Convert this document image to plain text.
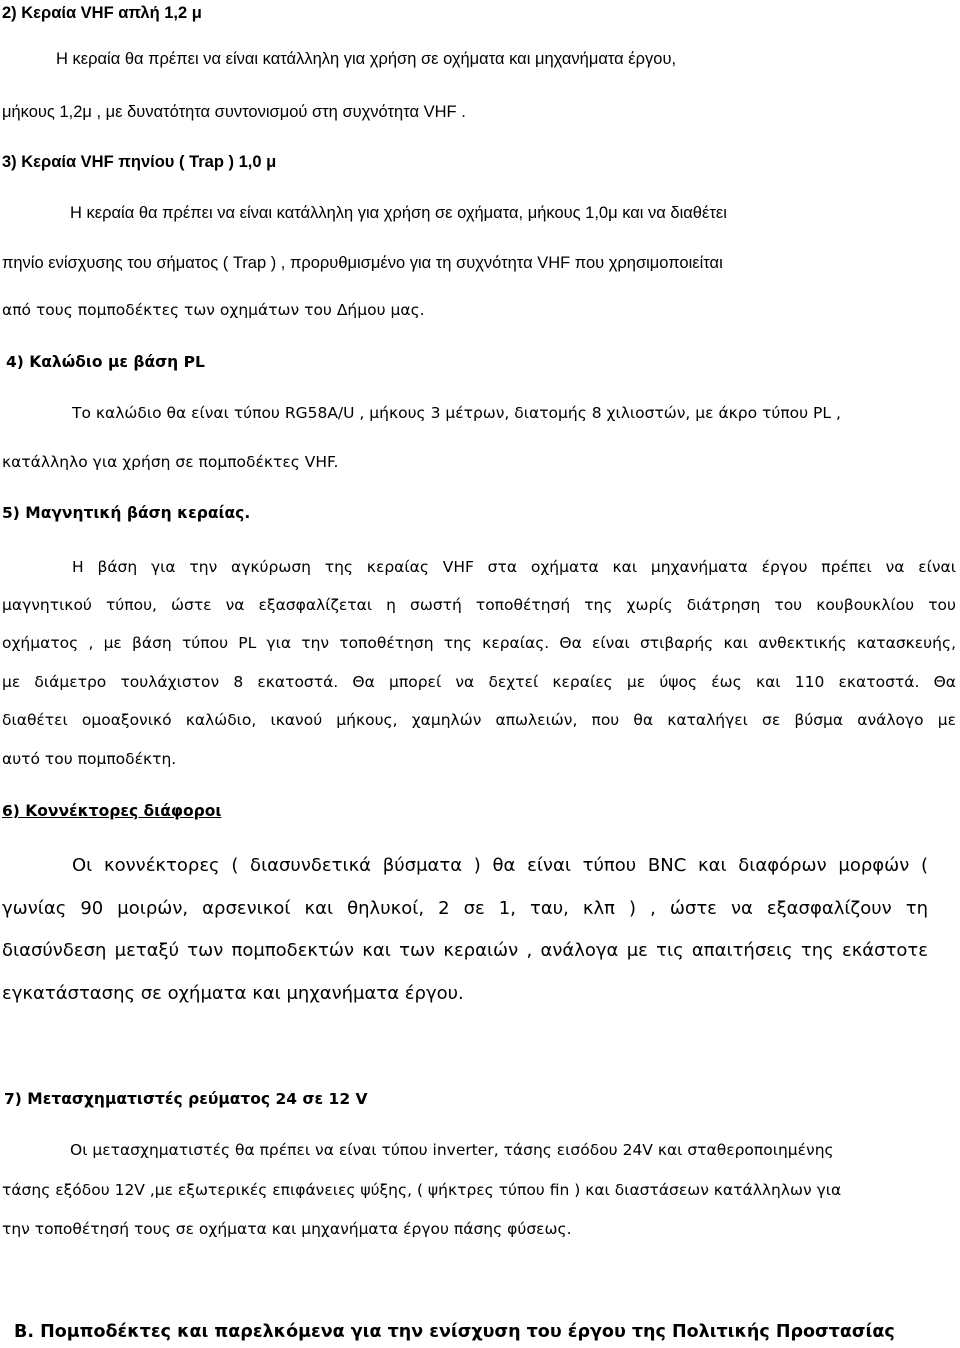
2) Κεραία VHF απλή 1,2 μ
Η κεραία θα πρέπει να είναι κατάλληλη για χρήση σε οχήματα και μηχανήματα έργου,
μήκους 1,2μ , με δυνατότητα συντονισμού στη συχνότητα VHF .
3) Κεραία VHF πηνίου ( Trap ) 1,0 μ
Η κεραία θα πρέπει να είναι κατάλληλη για χρήση σε οχήματα, μήκους 1,0μ και να διαθέτει
πηνίο ενίσχυσης του σήματος ( Trap ) , προρυθμισμένο για τη συχνότητα VHF που χρησιμοποιείται
από τους πομποδέκτες των οχημάτων του Δήμου μας.
4) Καλώδιο με βάση PL
Το καλώδιο θα είναι τύπου RG58A/U , μήκους 3 μέτρων, διατομής 8 χιλιοστών, με άκρο τύπου PL ,
κατάλληλο για χρήση σε πομποδέκτες VHF.
5) Μαγνητική βάση κεραίας.
Η βάση για την αγκύρωση της κεραίας VHF στα οχήματα και μηχανήματα έργου πρέπει να είναι
μαγνητικού τύπου, ώστε να εξασφαλίζεται η σωστή τοποθέτησή της χωρίς διάτρηση του κουβουκλίου του
οχήματος , με βάση τύπου PL για την τοποθέτηση της κεραίας. Θα είναι στιβαρής και ανθεκτικής κατασκευής,
με διάμετρο τουλάχιστον 8 εκατοστά. Θα μπορεί να δεχτεί κεραίες με ύψος έως και 110 εκατοστά. Θα
διαθέτει ομοαξονικό καλώδιο, ικανού μήκους, χαμηλών απωλειών, που θα καταλήγει σε βύσμα ανάλογο με
αυτό του πομποδέκτη.
6) Κοννέκτορες διάφοροι
Οι κοννέκτορες ( διασυνδετικά βύσματα ) θα είναι τύπου BNC και διαφόρων μορφών (
γωνίας 90 μοιρών, αρσενικοί και θηλυκοί, 2 σε 1, ταυ, κλπ ) , ώστε να εξασφαλίζουν τη
διασύνδεση μεταξύ των πομποδεκτών και των κεραιών , ανάλογα με τις απαιτήσεις της εκάστοτε
εγκατάστασης σε οχήματα και μηχανήματα έργου.
7) Μετασχηματιστές ρεύματος 24 σε 12 V
Οι μετασχηματιστές θα πρέπει να είναι τύπου inverter, τάσης εισόδου 24V και σταθεροποιημένης
τάσης εξόδου 12V ,με εξωτερικές επιφάνειες ψύξης, ( ψήκτρες τύπου fin ) και διαστάσεων κατάλληλων για
την τοποθέτησή τους σε οχήματα και μηχανήματα έργου πάσης φύσεως.
Β. Πομποδέκτες και παρελκόμενα για την ενίσχυση του έργου της Πολιτικής Προστασίας
